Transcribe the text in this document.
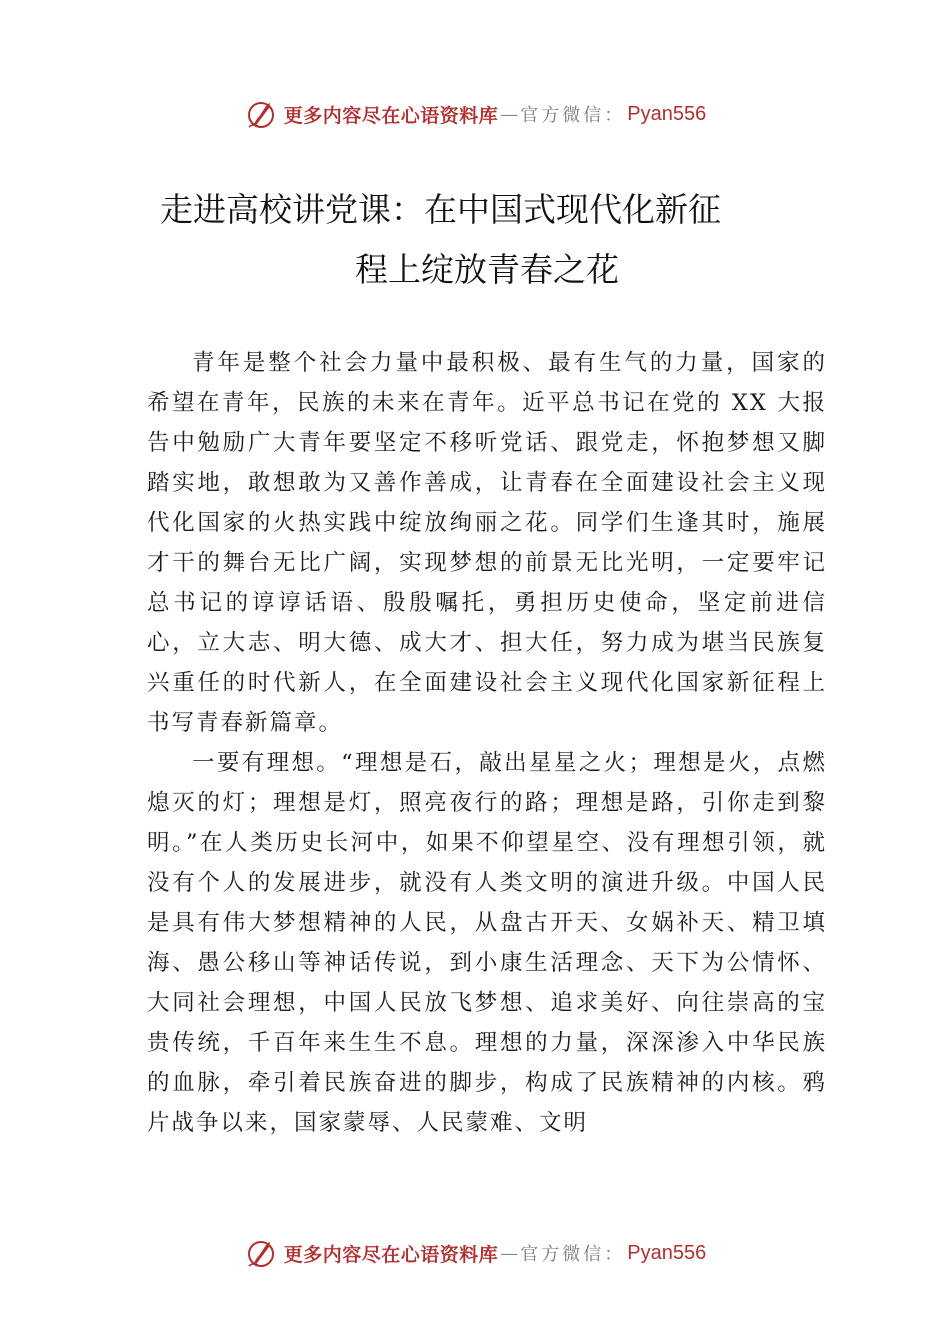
更多内容尽在心语资料库 — 官方微信： Pyan556
走进高校讲党课：在中国式现代化新征
程上绽放青春之花

青年是整个社会力量中最积极、最有生气的力量，国家的希望在青年，民族的未来在青年。近平总书记在党的 XX 大报告中勉励广大青年要坚定不移听党话、跟党走，怀抱梦想又脚踏实地，敢想敢为又善作善成，让青春在全面建设社会主义现代化国家的火热实践中绽放绚丽之花。同学们生逢其时，施展才干的舞台无比广阔，实现梦想的前景无比光明，一定要牢记总书记的谆谆话语、殷殷嘱托，勇担历史使命，坚定前进信心，立大志、明大德、成大才、担大任，努力成为堪当民族复兴重任的时代新人，在全面建设社会主义现代化国家新征程上书写青春新篇章。

一要有理想。“理想是石，敲出星星之火；理想是火，点燃熄灭的灯；理想是灯，照亮夜行的路；理想是路，引你走到黎明。”在人类历史长河中，如果不仰望星空、没有理想引领，就没有个人的发展进步，就没有人类文明的演进升级。中国人民是具有伟大梦想精神的人民，从盘古开天、女娲补天、精卫填海、愚公移山等神话传说，到小康生活理念、天下为公情怀、大同社会理想，中国人民放飞梦想、追求美好、向往崇高的宝贵传统，千百年来生生不息。理想的力量，深深渗入中华民族的血脉，牵引着民族奋进的脚步，构成了民族精神的内核。鸦片战争以来，国家蒙辱、人民蒙难、文明

更多内容尽在心语资料库 — 官方微信： Pyan556
